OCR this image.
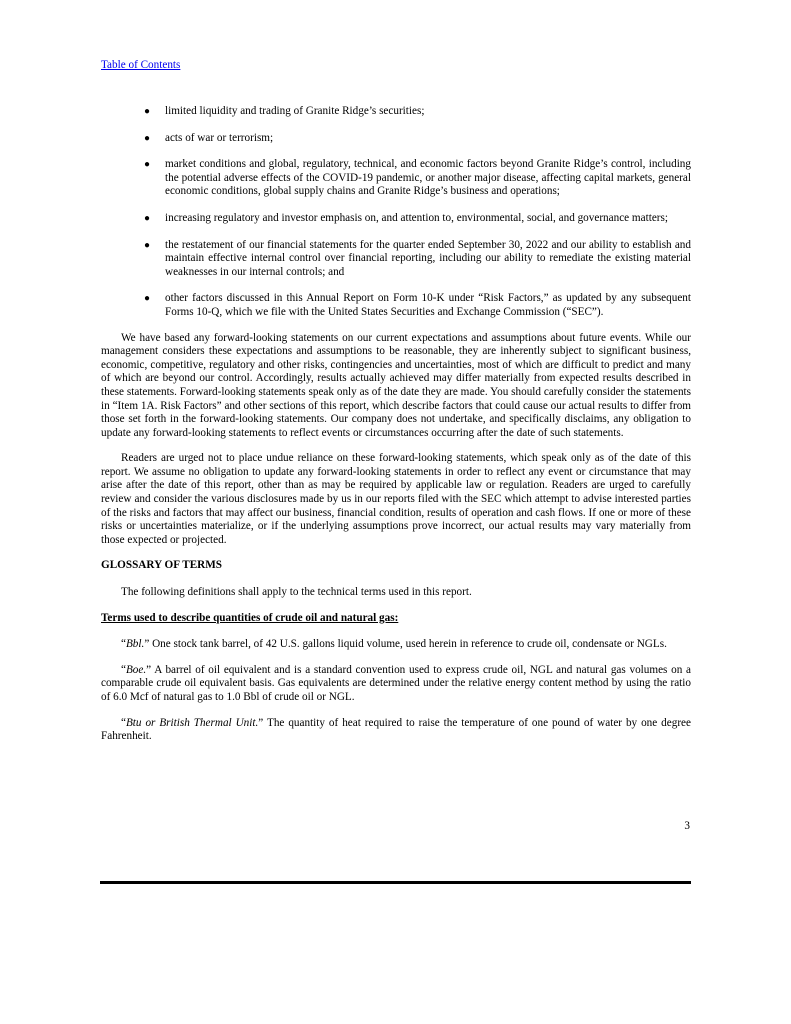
Table of Contents
● limited liquidity and trading of Granite Ridge’s securities;
● acts of war or terrorism;
● market conditions and global, regulatory, technical, and economic factors beyond Granite Ridge’s control, including the potential adverse effects of the COVID-19 pandemic, or another major disease, affecting capital markets, general economic conditions, global supply chains and Granite Ridge’s business and operations;
● increasing regulatory and investor emphasis on, and attention to, environmental, social, and governance matters;
● the restatement of our financial statements for the quarter ended September 30, 2022 and our ability to establish and maintain effective internal control over financial reporting, including our ability to remediate the existing material weaknesses in our internal controls; and
● other factors discussed in this Annual Report on Form 10-K under “Risk Factors,” as updated by any subsequent Forms 10-Q, which we file with the United States Securities and Exchange Commission (“SEC”).

We have based any forward-looking statements on our current expectations and assumptions about future events. While our management considers these expectations and assumptions to be reasonable, they are inherently subject to significant business, economic, competitive, regulatory and other risks, contingencies and uncertainties, most of which are difficult to predict and many of which are beyond our control. Accordingly, results actually achieved may differ materially from expected results described in these statements. Forward-looking statements speak only as of the date they are made. You should carefully consider the statements in “Item 1A. Risk Factors” and other sections of this report, which describe factors that could cause our actual results to differ from those set forth in the forward-looking statements. Our company does not undertake, and specifically disclaims, any obligation to update any forward-looking statements to reflect events or circumstances occurring after the date of such statements.

Readers are urged not to place undue reliance on these forward-looking statements, which speak only as of the date of this report. We assume no obligation to update any forward-looking statements in order to reflect any event or circumstance that may arise after the date of this report, other than as may be required by applicable law or regulation. Readers are urged to carefully review and consider the various disclosures made by us in our reports filed with the SEC which attempt to advise interested parties of the risks and factors that may affect our business, financial condition, results of operation and cash flows. If one or more of these risks or uncertainties materialize, or if the underlying assumptions prove incorrect, our actual results may vary materially from those expected or projected.

GLOSSARY OF TERMS

The following definitions shall apply to the technical terms used in this report.

Terms used to describe quantities of crude oil and natural gas:

“Bbl.” One stock tank barrel, of 42 U.S. gallons liquid volume, used herein in reference to crude oil, condensate or NGLs.

“Boe.” A barrel of oil equivalent and is a standard convention used to express crude oil, NGL and natural gas volumes on a comparable crude oil equivalent basis. Gas equivalents are determined under the relative energy content method by using the ratio of 6.0 Mcf of natural gas to 1.0 Bbl of crude oil or NGL.

“Btu or British Thermal Unit.” The quantity of heat required to raise the temperature of one pound of water by one degree Fahrenheit.

3
